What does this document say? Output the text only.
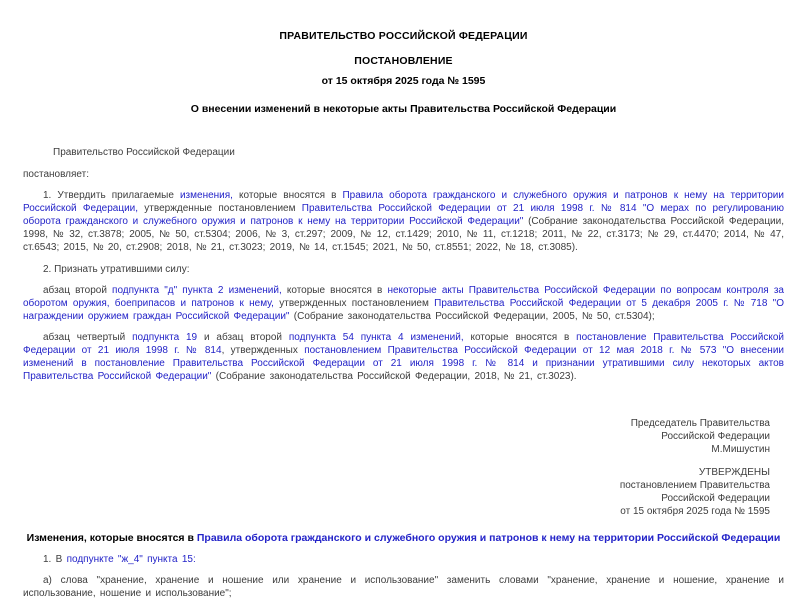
ПРАВИТЕЛЬСТВО РОССИЙСКОЙ ФЕДЕРАЦИИ
ПОСТАНОВЛЕНИЕ
от 15 октября 2025 года № 1595
О внесении изменений в некоторые акты Правительства Российской Федерации
Правительство Российской Федерации
постановляет:

1. Утвердить прилагаемые изменения, которые вносятся в Правила оборота гражданского и служебного оружия и патронов к нему на территории Российской Федерации, утвержденные постановлением Правительства Российской Федерации от 21 июля 1998 г. № 814 "О мерах по регулированию оборота гражданского и служебного оружия и патронов к нему на территории Российской Федерации" (Собрание законодательства Российской Федерации, 1998, № 32, ст.3878; 2005, № 50, ст.5304; 2006, № 3, ст.297; 2009, № 12, ст.1429; 2010, № 11, ст.1218; 2011, № 22, ст.3173; № 29, ст.4470; 2014, № 47, ст.6543; 2015, № 20, ст.2908; 2018, № 21, ст.3023; 2019, № 14, ст.1545; 2021, № 50, ст.8551; 2022, № 18, ст.3085).

2. Признать утратившими силу:

абзац второй подпункта "д" пункта 2 изменений, которые вносятся в некоторые акты Правительства Российской Федерации по вопросам контроля за оборотом оружия, боеприпасов и патронов к нему, утвержденных постановлением Правительства Российской Федерации от 5 декабря 2005 г. № 718 "О награждении оружием граждан Российской Федерации" (Собрание законодательства Российской Федерации, 2005, № 50, ст.5304);

абзац четвертый подпункта 19 и абзац второй подпункта 54 пункта 4 изменений, которые вносятся в постановление Правительства Российской Федерации от 21 июля 1998 г. № 814, утвержденных постановлением Правительства Российской Федерации от 12 мая 2018 г. № 573 "О внесении изменений в постановление Правительства Российской Федерации от 21 июля 1998 г. № 814 и признании утратившими силу некоторых актов Правительства Российской Федерации" (Собрание законодательства Российской Федерации, 2018, № 21, ст.3023).

Председатель Правительства
Российской Федерации
М.Мишустин
УТВЕРЖДЕНЫ
постановлением Правительства
Российской Федерации
от 15 октября 2025 года № 1595
Изменения, которые вносятся в Правила оборота гражданского и служебного оружия и патронов к нему на территории Российской Федерации

1. В подпункте "ж_4" пункта 15:

а) слова "хранение, хранение и ношение или хранение и использование" заменить словами "хранение, хранение и ношение, хранение и использование, ношение и использование";
